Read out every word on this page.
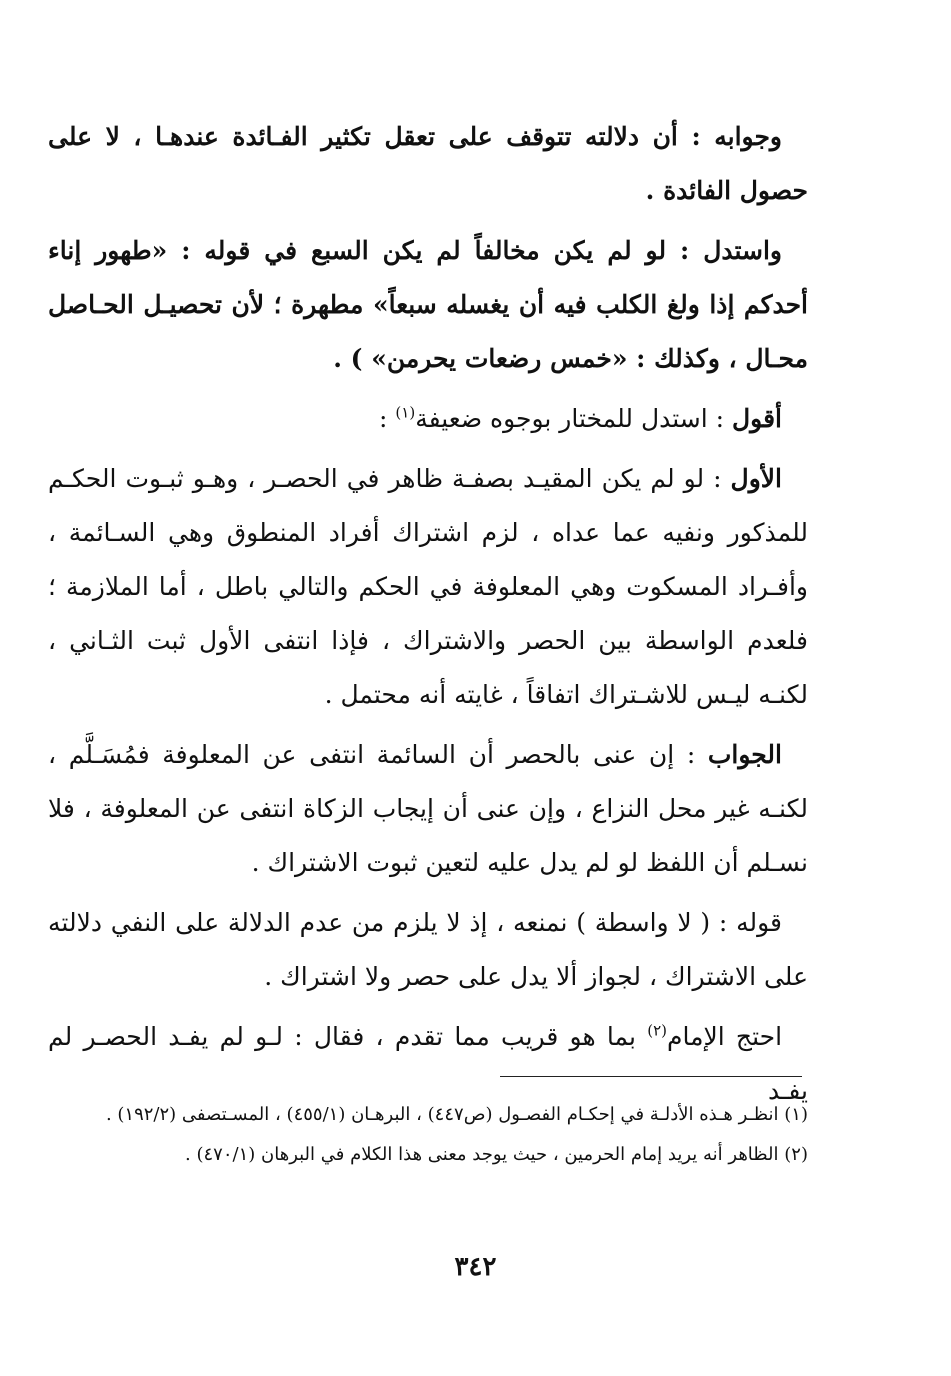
وجوابه : أن دلالته تتوقف على تعقل تكثير الفـائدة عندهـا ، لا على حصول الفائدة .

واستدل : لو لم يكن مخالفاً لم يكن السبع في قوله : «طهور إناء أحدكم إذا ولغ الكلب فيه أن يغسله سبعاً» مطهرة ؛ لأن تحصيـل الحـاصل محـال ، وكذلك : «خمس رضعات يحرمن» ) .

أقول : استدل للمختار بوجوه ضعيفة$^{(١)}$ :

الأول : لو لم يكن المقيـد بصفـة ظاهر في الحصـر ، وهـو ثبـوت الحكـم للمذكور ونفيه عما عداه ، لزم اشتراك أفراد المنطوق وهي السـائمة ، وأفـراد المسكوت وهي المعلوفة في الحكم والتالي باطل ، أما الملازمة ؛ فلعدم الواسطة بين الحصر والاشتراك ، فإذا انتفى الأول ثبت الثـاني ، لكنـه ليـس للاشـتراك اتفاقاً ، غايته أنه محتمل .

الجواب : إن عنى بالحصر أن السائمة انتفى عن المعلوفة فمُسَـلَّم ، لكنـه غير محل النزاع ، وإن عنى أن إيجاب الزكاة انتفى عن المعلوفة ، فلا نسـلم أن اللفظ لو لم يدل عليه لتعين ثبوت الاشتراك .

قوله : ( لا واسطة ) نمنعه ، إذ لا يلزم من عدم الدلالة على النفي دلالته على الاشتراك ، لجواز ألا يدل على حصر ولا اشتراك .

احتج الإمام$^{(٢)}$ بما هو قريب مما تقدم ، فقال : لـو لم يفـد الحصـر لم يفـد

(١) انظـر هـذه الأدلـة في إحكـام الفصـول (ص٤٤٧) ، البرهـان (٤٥٥/١) ، المسـتصفى (١٩٢/٢) .

(٢) الظاهر أنه يريد إمام الحرمين ، حيث يوجد معنى هذا الكلام في البرهان (٤٧٠/١) .

٣٤٢
